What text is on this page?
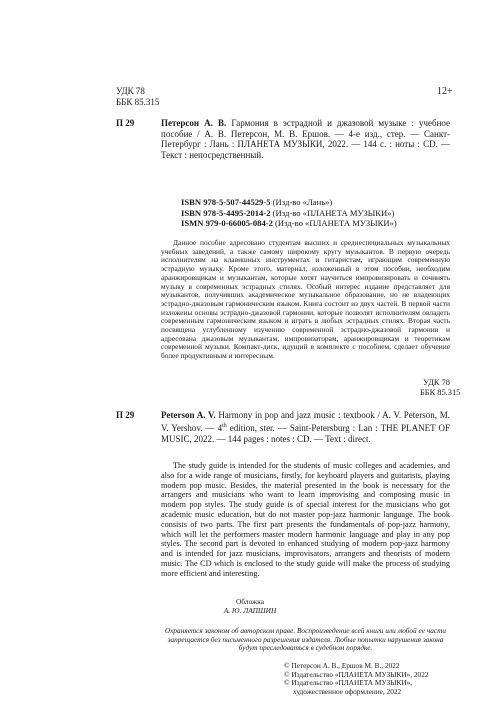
УДК 78
ББК 85.315
12+
П 29	Петерсон А. В. Гармония в эстрадной и джазовой музыке : учебное пособие / А. В. Петерсон, М. В. Ершов. — 4-е изд., стер. — Санкт-Петербург : Лань : ПЛАНЕТА МУЗЫКИ, 2022. — 144 с. : ноты : CD. — Текст : непосредственный.
ISBN 978-5-507-44529-5 (Изд-во «Лань»)
ISBN 978-5-4495-2014-2 (Изд-во «ПЛАНЕТА МУЗЫКИ»)
ISMN 979-0-66005-084-2 (Изд-во «ПЛАНЕТА МУЗЫКИ»)

Данное пособие адресовано студентам высших и среднеспециальных музыкальных учебных заведений, а также самому широкому кругу музыкантов. В первую очередь исполнителям на клавишных инструментах и гитаристам, играющим современную эстрадную музыку. Кроме этого, материал, изложенный в этом пособии, необходим аранжировщикам и музыкантам, которые хотят научиться импровизировать и сочинять музыку в современных эстрадных стилях. Особый интерес издание представляет для музыкантов, получивших академическое музыкальное образование, но не владеющих эстрадно-джазовым гармоническим языком. Книга состоит из двух частей. В первой части изложены основы эстрадно-джазовой гармонии, которые позволят исполнителям овладеть современным гармоническим языком и играть в любых эстрадных стилях. Вторая часть посвящена углубленному изучению современной эстрадно-джазовой гармонии и адресована джазовым музыкантам, импровизаторам, аранжировщикам и теоретикам современной музыки. Компакт-диск, идущий в комплекте с пособием, сделает обучение более продуктивным и интересным.

УДК 78
ББК 85.315
П 29	Peterson A. V. Harmony in pop and jazz music : textbook / A. V. Peterson, M. V. Yershov. — 4th edition, ster. — Saint-Petersburg : Lan : THE PLANET OF MUSIC, 2022. — 144 pages : notes : CD. — Text : direct.

The study guide is intended for the students of music colleges and academies, and also for a wide range of musicians, firstly, for keyboard players and guitarists, playing modern pop music. Besides, the material presented in the book is necessary for the arrangers and musicians who want to learn improvising and composing music in modern pop styles. The study guide is of special interest for the musicians who got academic music education, but do not master pop-jazz harmonic language. The book consists of two parts. The first part presents the fundamentals of pop-jazz harmony, which will let the performers master modern harmonic language and play in any pop styles. The second part is devoted to enhanced studying of modern pop-jazz harmony and is intended for jazz musicians, improvisators, arrangers and theorists of modern music. The CD which is enclosed to the study guide will make the process of studying more efficient and interesting.

Обложка
А. Ю. ЛАПШИН
Охраняется законом об авторском праве. Воспроизведение всей книги или любой ее части запрещается без письменного разрешения издателя. Любые попытки нарушения закона будут преследоваться в судебном порядке.
© Петерсон А. В., Ершов М. В., 2022
© Издательство «ПЛАНЕТА МУЗЫКИ», 2022
© Издательство «ПЛАНЕТА МУЗЫКИ»,
художественное оформление, 2022
